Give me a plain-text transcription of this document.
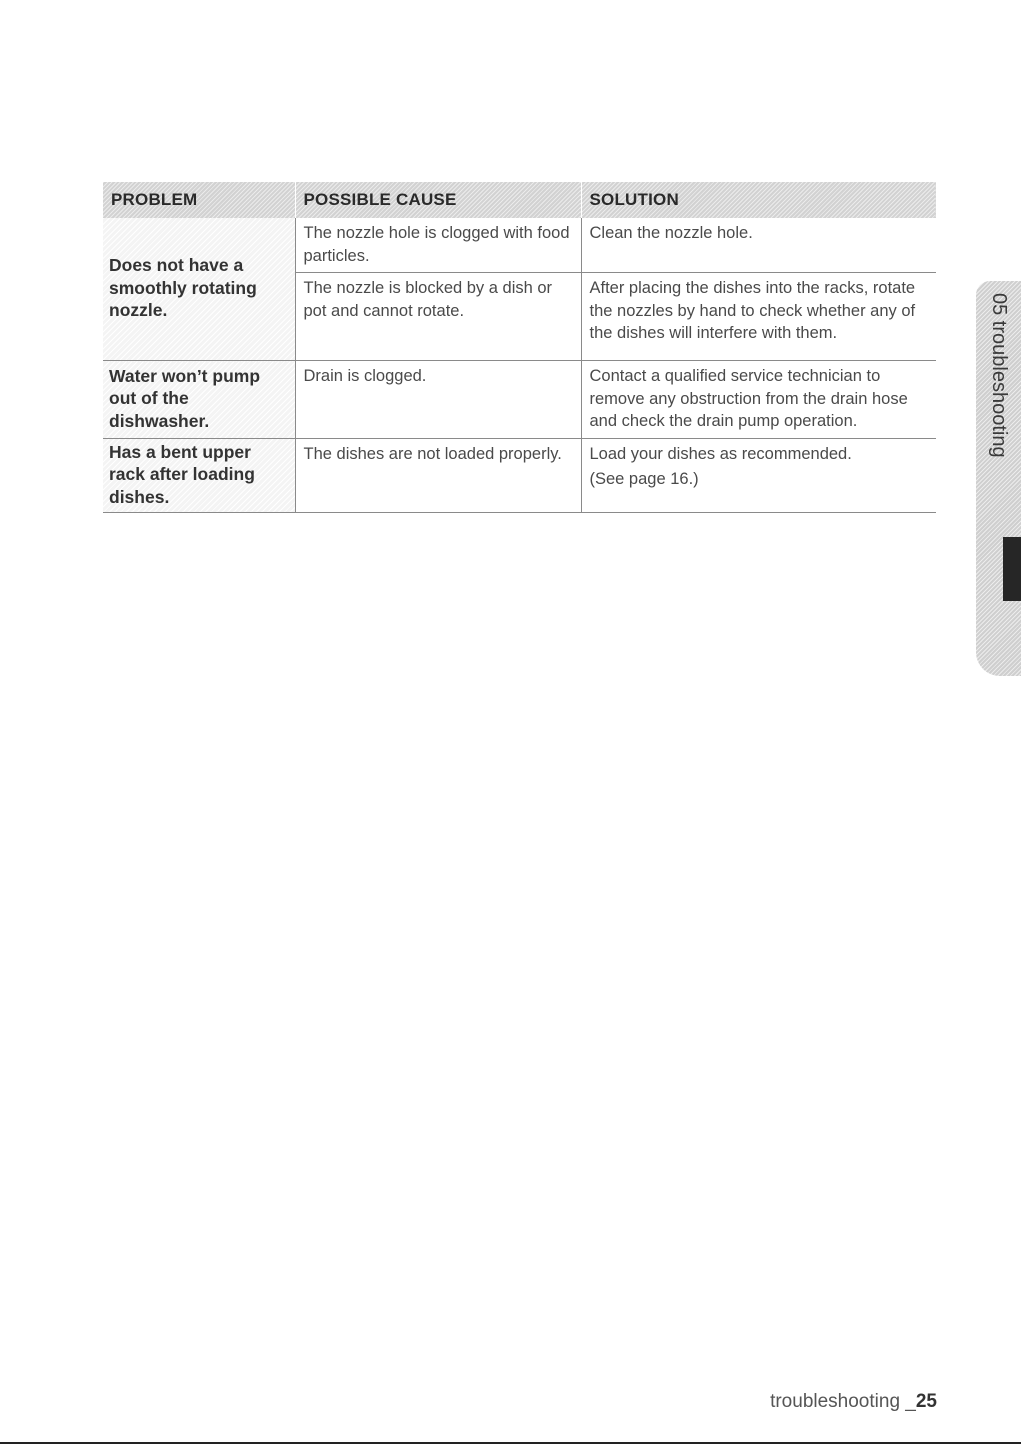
PROBLEM	POSSIBLE CAUSE	SOLUTION

Does not have a smoothly rotating nozzle.	The nozzle hole is clogged with food particles.	Clean the nozzle hole.
	The nozzle is blocked by a dish or pot and cannot rotate.	After placing the dishes into the racks, rotate the nozzles by hand to check whether any of the dishes will interfere with them.

Water won’t pump out of the dishwasher.	Drain is clogged.	Contact a qualified service technician to remove any obstruction from the drain hose and check the drain pump operation.

Has a bent upper rack after loading dishes.	The dishes are not loaded properly.	Load your dishes as recommended.
(See page 16.)
05 troubleshooting
troubleshooting _25
